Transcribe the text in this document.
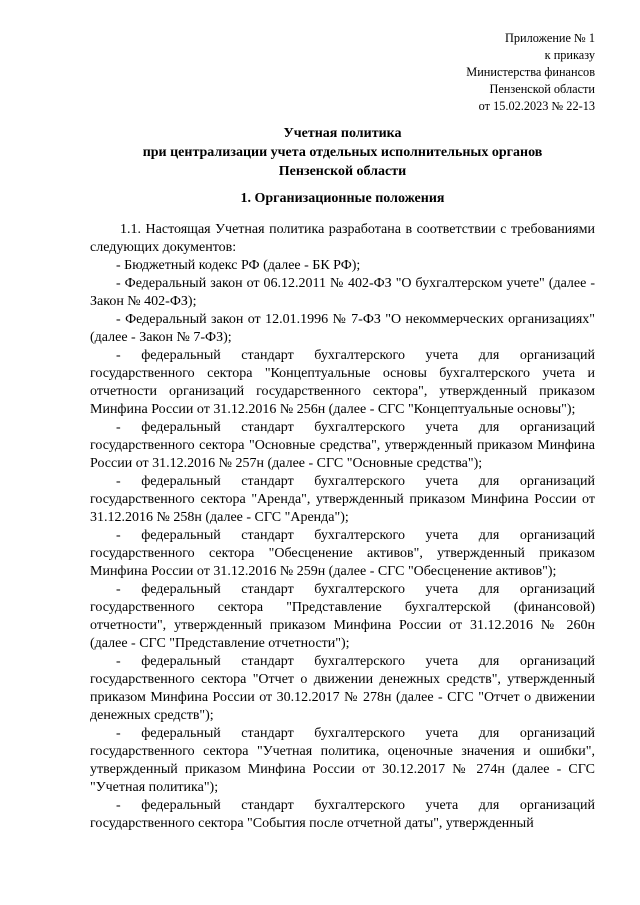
Приложение № 1
к приказу
Министерства финансов
Пензенской области
от 15.02.2023 № 22-13
Учетная политика
при централизации учета отдельных исполнительных органов
Пензенской области
1. Организационные положения

1.1. Настоящая Учетная политика разработана в соответствии с требованиями следующих документов:

- Бюджетный кодекс РФ (далее - БК РФ);

- Федеральный закон от 06.12.2011 № 402-ФЗ "О бухгалтерском учете" (далее - Закон № 402-ФЗ);

- Федеральный закон от 12.01.1996 № 7-ФЗ "О некоммерческих организациях" (далее - Закон № 7-ФЗ);

- федеральный стандарт бухгалтерского учета для организаций государственного сектора "Концептуальные основы бухгалтерского учета и отчетности организаций государственного сектора", утвержденный приказом Минфина России от 31.12.2016 № 256н (далее - СГС "Концептуальные основы");

- федеральный стандарт бухгалтерского учета для организаций государственного сектора "Основные средства", утвержденный приказом Минфина России от 31.12.2016 № 257н (далее - СГС "Основные средства");

- федеральный стандарт бухгалтерского учета для организаций государственного сектора "Аренда", утвержденный приказом Минфина России от 31.12.2016 № 258н (далее - СГС "Аренда");

- федеральный стандарт бухгалтерского учета для организаций государственного сектора "Обесценение активов", утвержденный приказом Минфина России от 31.12.2016 № 259н (далее - СГС "Обесценение активов");

- федеральный стандарт бухгалтерского учета для организаций государственного сектора "Представление бухгалтерской (финансовой) отчетности", утвержденный приказом Минфина России от 31.12.2016 № 260н (далее - СГС "Представление отчетности");

- федеральный стандарт бухгалтерского учета для организаций государственного сектора "Отчет о движении денежных средств", утвержденный приказом Минфина России от 30.12.2017 № 278н (далее - СГС "Отчет о движении денежных средств");

- федеральный стандарт бухгалтерского учета для организаций государственного сектора "Учетная политика, оценочные значения и ошибки", утвержденный приказом Минфина России от 30.12.2017 № 274н (далее - СГС "Учетная политика");

- федеральный стандарт бухгалтерского учета для организаций государственного сектора "События после отчетной даты", утвержденный
